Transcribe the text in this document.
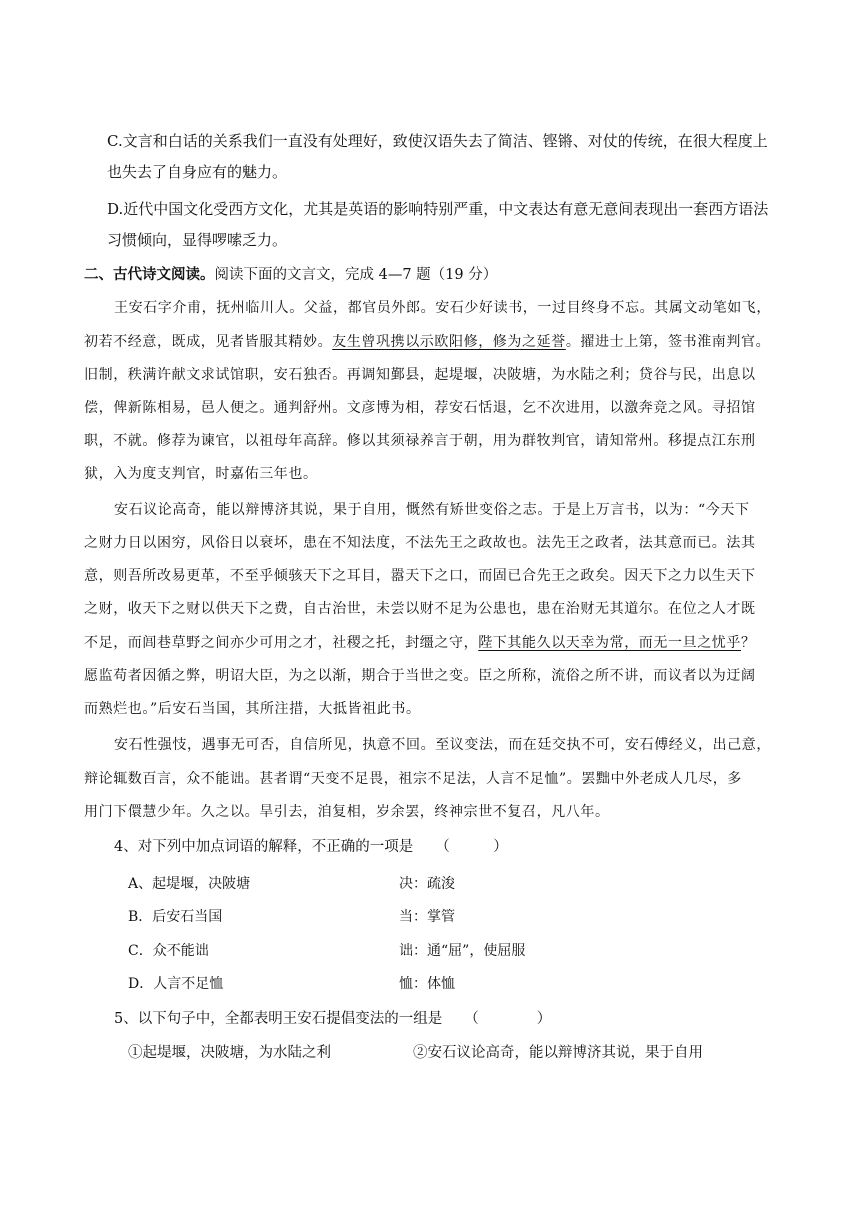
C.文言和白话的关系我们一直没有处理好，致使汉语失去了简洁、铿锵、对仗的传统，在很大程度上
也失去了自身应有的魅力。
D.近代中国文化受西方文化，尤其是英语的影响特别严重，中文表达有意无意间表现出一套西方语法
习惯倾向，显得啰嗦乏力。
二、古代诗文阅读。阅读下面的文言文，完成 4—7 题（19 分）
王安石字介甫，抚州临川人。父益，都官员外郎。安石少好读书，一过目终身不忘。其属文动笔如飞，
初若不经意，既成，见者皆服其精妙。友生曾巩携以示欧阳修，修为之延誉。擢进士上第，签书淮南判官。
旧制，秩满许献文求试馆职，安石独否。再调知鄞县，起堤堰，决陂塘，为水陆之利；贷谷与民，出息以
偿，俾新陈相易，邑人便之。通判舒州。文彦博为相，荐安石恬退，乞不次进用，以激奔竞之风。寻招馆
职，不就。修荐为谏官，以祖母年高辞。修以其须禄养言于朝，用为群牧判官，请知常州。移提点江东刑
狱，入为度支判官，时嘉佑三年也。
安石议论高奇，能以辩博济其说，果于自用，慨然有矫世变俗之志。于是上万言书，以为：“今天下
之财力日以困穷，风俗日以衰坏，患在不知法度，不法先王之政故也。法先王之政者，法其意而已。法其
意，则吾所改易更革，不至乎倾骇天下之耳目，嚣天下之口，而固已合先王之政矣。因天下之力以生天下
之财，收天下之财以供天下之费，自古治世，未尝以财不足为公患也，患在治财无其道尔。在位之人才既
不足，而闾巷草野之间亦少可用之才，社稷之托，封缰之守，陛下其能久以天幸为常，而无一旦之忧乎？
愿监苟者因循之弊，明诏大臣，为之以渐，期合于当世之变。臣之所称，流俗之所不讲，而议者以为迂阔
而熟烂也。”后安石当国，其所注措，大抵皆祖此书。
安石性强忮，遇事无可否，自信所见，执意不回。至议变法，而在廷交执不可，安石傅经义，出己意，
辩论辄数百言，众不能诎。甚者谓“天变不足畏，祖宗不足法，人言不足恤”。罢黜中外老成人几尽，多
用门下儇慧少年。久之以。旱引去，洎复相，岁余罢，终神宗世不复召，凡八年。
4、对下列中加点词语的解释，不正确的一项是 （　　　）
A、起堤堰，决陂塘	决：疏浚
B．后安石当国	当：掌管
C．众不能诎	诎：通“屈”，使屈服
D．人言不足恤	恤：体恤
5、以下句子中，全都表明王安石提倡变法的一组是 （　　　　）
①起堤堰，决陂塘，为水陆之利	②安石议论高奇，能以辩博济其说，果于自用
